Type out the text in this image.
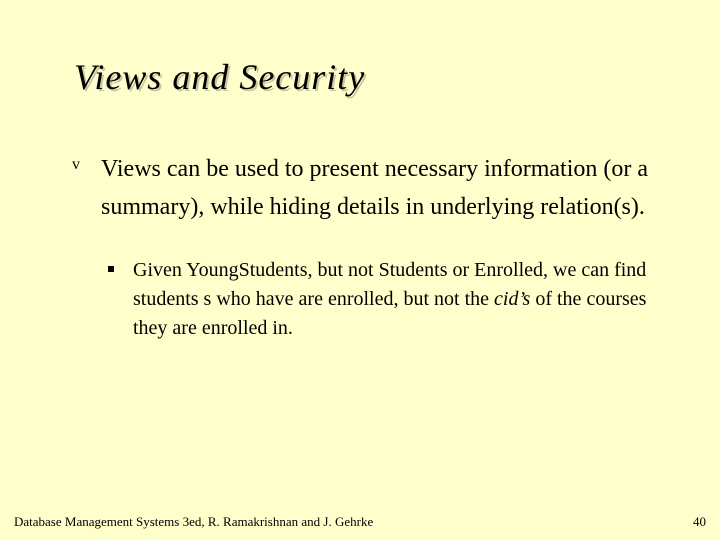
Views and Security
v Views can be used to present necessary information (or a summary), while hiding details in underlying relation(s).
Given YoungStudents, but not Students or Enrolled, we can find students s who have are enrolled, but not the cid’s of the courses they are enrolled in.
Database Management Systems 3ed, R. Ramakrishnan and J. Gehrke	40
